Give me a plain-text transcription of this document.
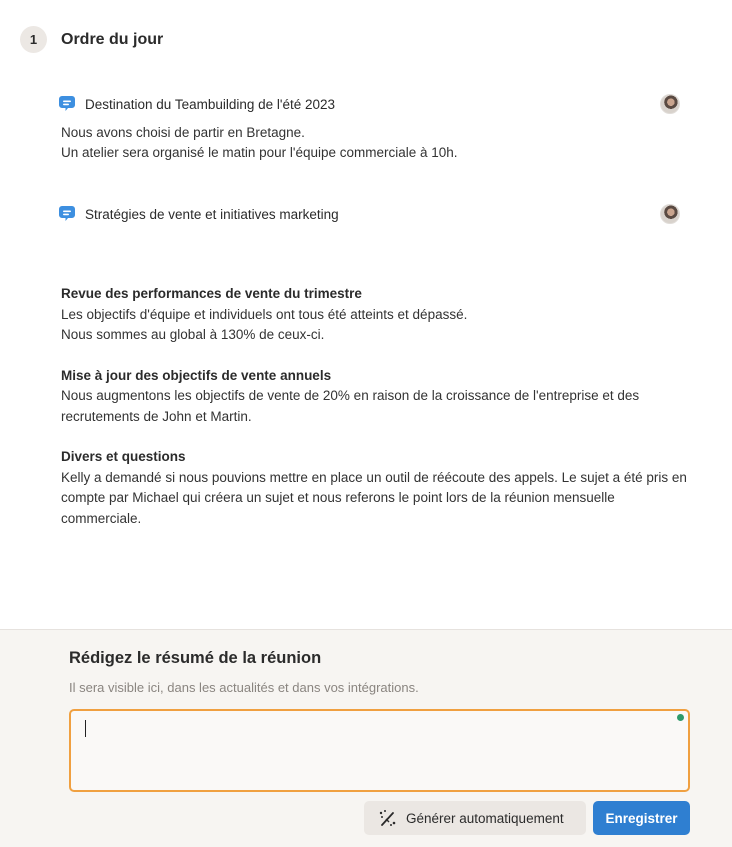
1	Ordre du jour
Destination du Teambuilding de l'été 2023
Nous avons choisi de partir en Bretagne.
Un atelier sera organisé le matin pour l'équipe commerciale à 10h.
Stratégies de vente et initiatives marketing
Revue des performances de vente du trimestre
Les objectifs d'équipe et individuels ont tous été atteints et dépassé.
Nous sommes au global à 130% de ceux-ci.
Mise à jour des objectifs de vente annuels
Nous augmentons les objectifs de vente de 20% en raison de la croissance de l'entreprise et des recrutements de John et Martin.
Divers et questions
Kelly a demandé si nous pouvions mettre en place un outil de réécoute des appels. Le sujet a été pris en compte par Michael qui créera un sujet et nous referons le point lors de la réunion mensuelle commerciale.
Rédigez le résumé de la réunion
Il sera visible ici, dans les actualités et dans vos intégrations.
Générer automatiquement	Enregistrer
